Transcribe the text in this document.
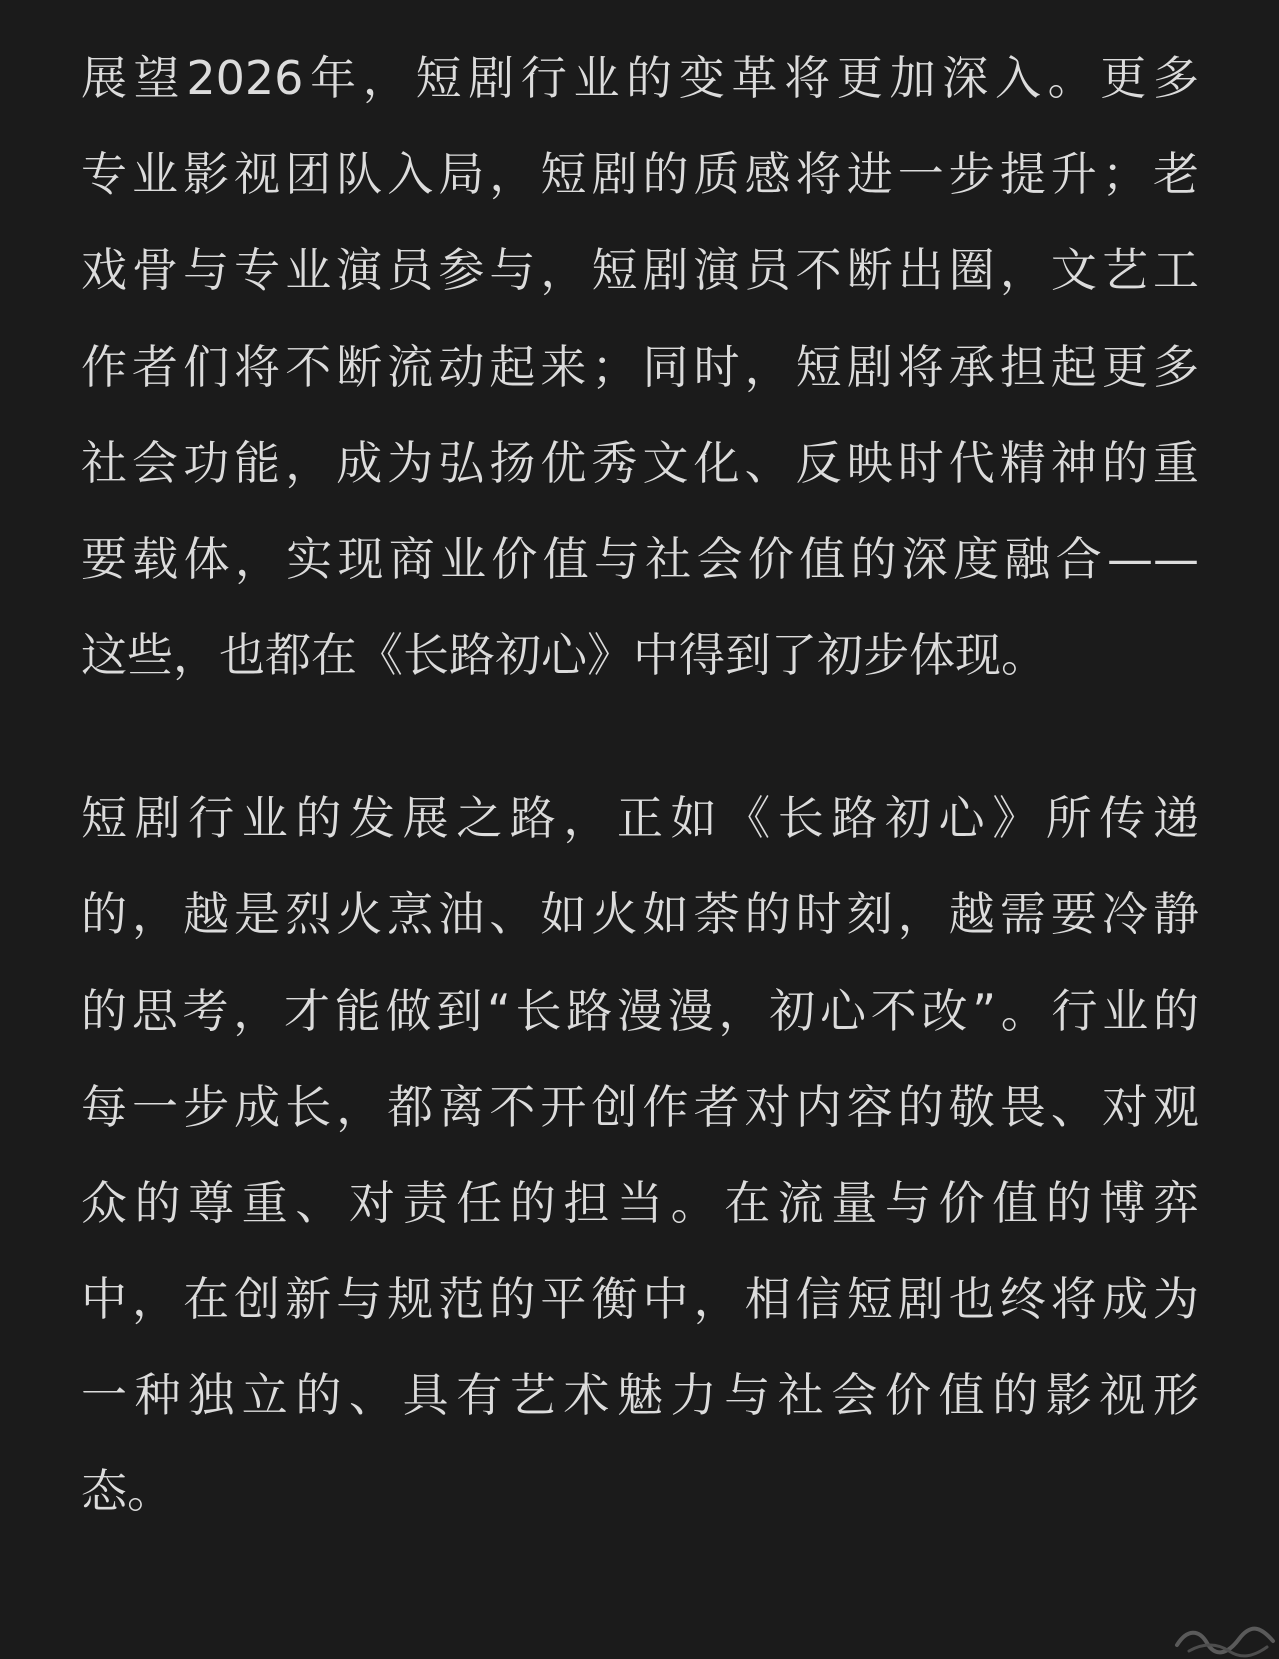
展望2026年，短剧行业的变革将更加深入。更多
专业影视团队入局，短剧的质感将进一步提升；老
戏骨与专业演员参与，短剧演员不断出圈，文艺工
作者们将不断流动起来；同时，短剧将承担起更多
社会功能，成为弘扬优秀文化、反映时代精神的重
要载体，实现商业价值与社会价值的深度融合——
这些，也都在《长路初心》中得到了初步体现。
短剧行业的发展之路，正如《长路初心》所传递
的，越是烈火烹油、如火如荼的时刻，越需要冷静
的思考，才能做到“长路漫漫，初心不改”。行业的
每一步成长，都离不开创作者对内容的敬畏、对观
众的尊重、对责任的担当。在流量与价值的博弈
中，在创新与规范的平衡中，相信短剧也终将成为
一种独立的、具有艺术魅力与社会价值的影视形
态。
